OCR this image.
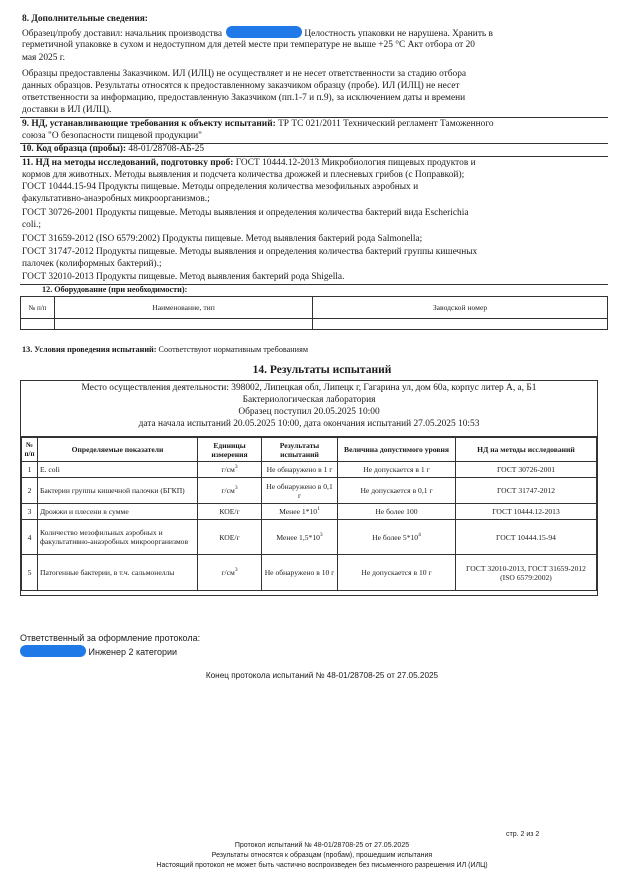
8. Дополнительные сведения:
Образец/пробу доставил: начальник производства	Целостность упаковки не нарушена. Хранить в
герметичной упаковке в сухом и недоступном для детей месте при температуре не выше +25 °С Акт отбора от 20
мая 2025 г.
Образцы предоставлены Заказчиком. ИЛ (ИЛЦ) не осуществляет и не несет ответственности за стадию отбора
данных образцов. Результаты относятся к предоставленному заказчиком образцу (пробе). ИЛ (ИЛЦ) не несет
ответственности за информацию, предоставленную Заказчиком (пп.1-7 и п.9), за исключением даты и времени
доставки в ИЛ (ИЛЦ).
9. НД, устанавливающие требования к объекту испытаний: ТР ТС 021/2011 Технический регламент Таможенного
союза "О безопасности пищевой продукции"
10. Код образца (пробы): 48-01/28708-АБ-25
11. НД на методы исследований, подготовку проб: ГОСТ 10444.12-2013 Микробиология пищевых продуктов и
кормов для животных. Методы выявления и подсчета количества дрожжей и плесневых грибов (с Поправкой);
ГОСТ 10444.15-94 Продукты пищевые. Методы определения количества мезофильных аэробных и
факультативно-анаэробных микроорганизмов.;
ГОСТ 30726-2001 Продукты пищевые. Методы выявления и определения количества бактерий вида Escherichia
coli.;
ГОСТ 31659-2012 (ISO 6579:2002) Продукты пищевые. Метод выявления бактерий рода Salmonella;
ГОСТ 31747-2012 Продукты пищевые. Методы выявления и определения количества бактерий группы кишечных
палочек (колиформных бактерий).;
ГОСТ 32010-2013 Продукты пищевые. Метод выявления бактерий рода Shigella.
12. Оборудование (при необходимости):
№ п/п	Наименование, тип	Заводской номер

13. Условия проведения испытаний: Соответствуют нормативным требованиям
14. Результаты испытаний
Место осуществления деятельности: 398002, Липецкая обл, Липецк г, Гагарина ул, дом 60а, корпус литер А, а, Б1
Бактериологическая лаборатория
Образец поступил 20.05.2025 10:00
дата начала испытаний 20.05.2025 10:00, дата окончания испытаний 27.05.2025 10:53
№ п/п	Определяемые показатели	Единицы измерения	Результаты испытаний	Величина допустимого уровня	НД на методы исследований
1	E. coli	$г/см^3$	Не обнаружено в 1 г	Не допускается в 1 г	ГОСТ 30726-2001
2	Бактерии группы кишечной палочки (БГКП)	$г/см^3$	Не обнаружено в 0,1 г	Не допускается в 0,1 г	ГОСТ 31747-2012
3	Дрожжи и плесени в сумме	КОЕ/г	Менее $1*10^1$	Не более 100	ГОСТ 10444.12-2013
4	Количество мезофильных аэробных и факультативно-анаэробных микроорганизмов	КОЕ/г	Менее $1,5*10^3$	Не более $5*10^4$	ГОСТ 10444.15-94
5	Патогенные бактерии, в т.ч. сальмонеллы	$г/см^3$	Не обнаружено в 10 г	Не допускается в 10 г	ГОСТ 32010-2013, ГОСТ 31659-2012 (ISO 6579:2002)
Ответственный за оформление протокола:
Инженер 2 категории
Конец протокола испытаний № 48-01/28708-25 от 27.05.2025
стр. 2 из 2
Протокол испытаний № 48-01/28708-25 от 27.05.2025
Результаты относятся к образцам (пробам), прошедшим испытания
Настоящий протокол не может быть частично воспроизведен без письменного разрешения ИЛ (ИЛЦ)
